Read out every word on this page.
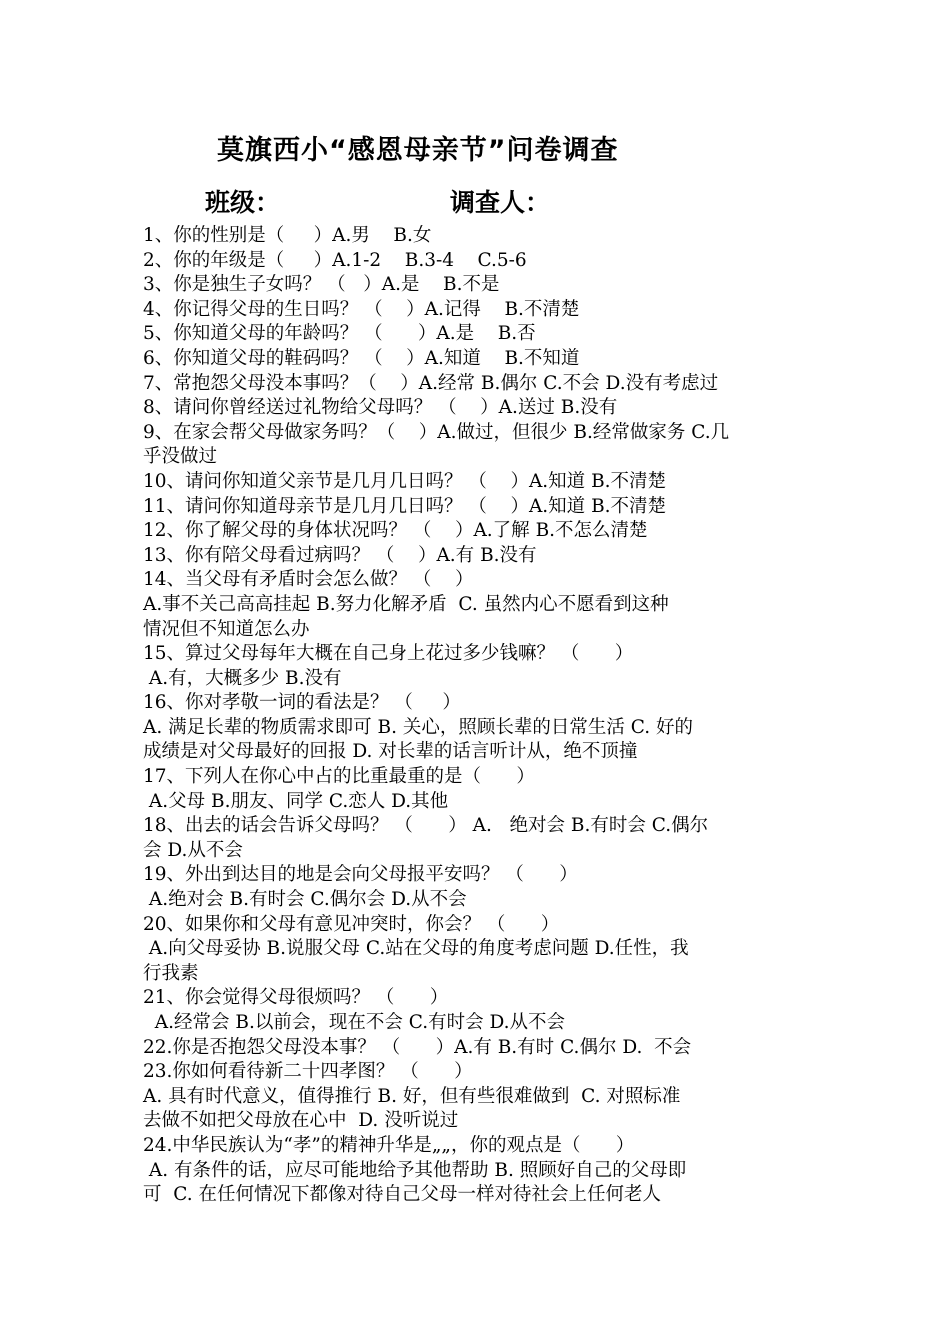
莫旗西小“感恩母亲节”问卷调查
班级：	调查人：
1、你的性别是（     ）A.男    B.女
2、你的年级是（     ）A.1-2    B.3-4    C.5-6
3、你是独生子女吗？ （   ）A.是    B.不是
4、你记得父母的生日吗？ （    ）A.记得    B.不清楚
5、你知道父母的年龄吗？ （      ）A.是    B.否
6、你知道父母的鞋码吗？ （    ）A.知道    B.不知道
7、常抱怨父母没本事吗？（    ）A.经常 B.偶尔 C.不会 D.没有考虑过
8、请问你曾经送过礼物给父母吗？ （    ）A.送过 B.没有
9、在家会帮父母做家务吗？（    ）A.做过，但很少 B.经常做家务 C.几
乎没做过
10、请问你知道父亲节是几月几日吗？ （    ）A.知道 B.不清楚
11、请问你知道母亲节是几月几日吗？ （    ）A.知道 B.不清楚
12、你了解父母的身体状况吗？ （    ）A.了解 B.不怎么清楚
13、你有陪父母看过病吗？ （    ）A.有 B.没有
14、当父母有矛盾时会怎么做？ （    ）
A.事不关己高高挂起 B.努力化解矛盾  C. 虽然内心不愿看到这种
情况但不知道怎么办
15、算过父母每年大概在自己身上花过多少钱嘛？ （      ）
A.有，大概多少 B.没有
16、你对孝敬一词的看法是？ （     ）
A. 满足长辈的物质需求即可 B. 关心，照顾长辈的日常生活 C. 好的
成绩是对父母最好的回报 D. 对长辈的话言听计从，绝不顶撞
17、下列人在你心中占的比重最重的是（      ）
A.父母 B.朋友、同学 C.恋人 D.其他
18、出去的话会告诉父母吗？ （      ） A.   绝对会 B.有时会 C.偶尔
会 D.从不会
19、外出到达目的地是会向父母报平安吗？ （      ）
A.绝对会 B.有时会 C.偶尔会 D.从不会
20、如果你和父母有意见冲突时，你会？ （      ）
A.向父母妥协 B.说服父母 C.站在父母的角度考虑问题 D.任性，我
行我素
21、你会觉得父母很烦吗？ （      ）
A.经常会 B.以前会，现在不会 C.有时会 D.从不会
22.你是否抱怨父母没本事？ （      ）A.有 B.有时 C.偶尔 D.  不会
23.你如何看待新二十四孝图？ （      ）
A. 具有时代意义，值得推行 B. 好，但有些很难做到  C. 对照标准
去做不如把父母放在心中  D. 没听说过
24.中华民族认为“孝”的精神升华是„„，你的观点是（      ）
A. 有条件的话，应尽可能地给予其他帮助 B. 照顾好自己的父母即
可  C. 在任何情况下都像对待自己父母一样对待社会上任何老人
